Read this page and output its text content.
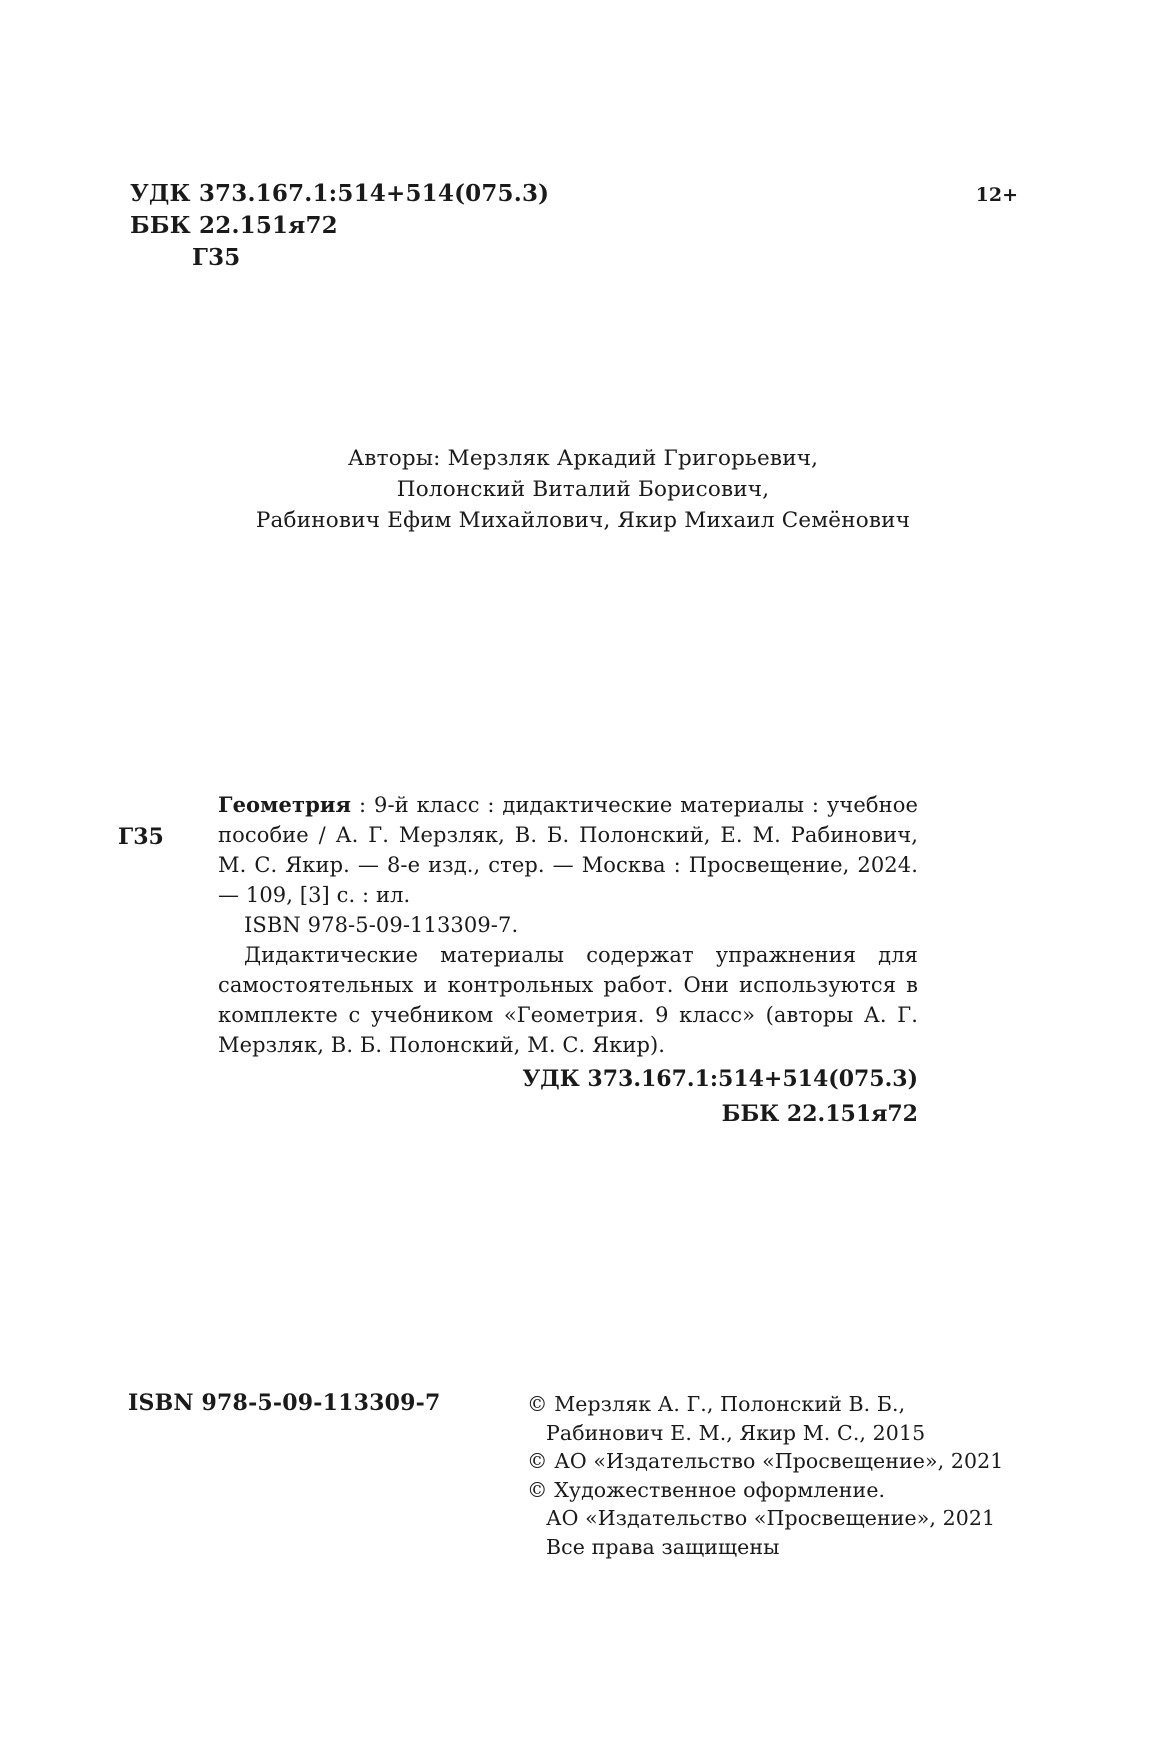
УДК 373.167.1:514+514(075.3)
ББК 22.151я72
Г35
12+
Авторы: Мерзляк Аркадий Григорьевич,
Полонский Виталий Борисович,
Рабинович Ефим Михайлович, Якир Михаил Семёнович
Г35

Геометрия : 9-й класс : дидактические материалы : учебное пособие / А. Г. Мерзляк, В. Б. Полонский, Е. М. Рабинович, М. С. Якир. — 8-е изд., стер. — Москва : Просвещение, 2024. — 109, [3] с. : ил.

ISBN 978-5-09-113309-7.

Дидактические материалы содержат упражнения для самостоятельных и контрольных работ. Они используются в комплекте с учебником «Геометрия. 9 класс» (авторы А. Г. Мерзляк, В. Б. Полонский, М. С. Якир).

УДК 373.167.1:514+514(075.3)

ББК 22.151я72

ISBN 978-5-09-113309-7	© Мерзляк А. Г., Полонский В. Б.,
Рабинович Е. М., Якир М. С., 2015
© АО «Издательство «Просвещение», 2021
© Художественное оформление.
АО «Издательство «Просвещение», 2021
Все права защищены
